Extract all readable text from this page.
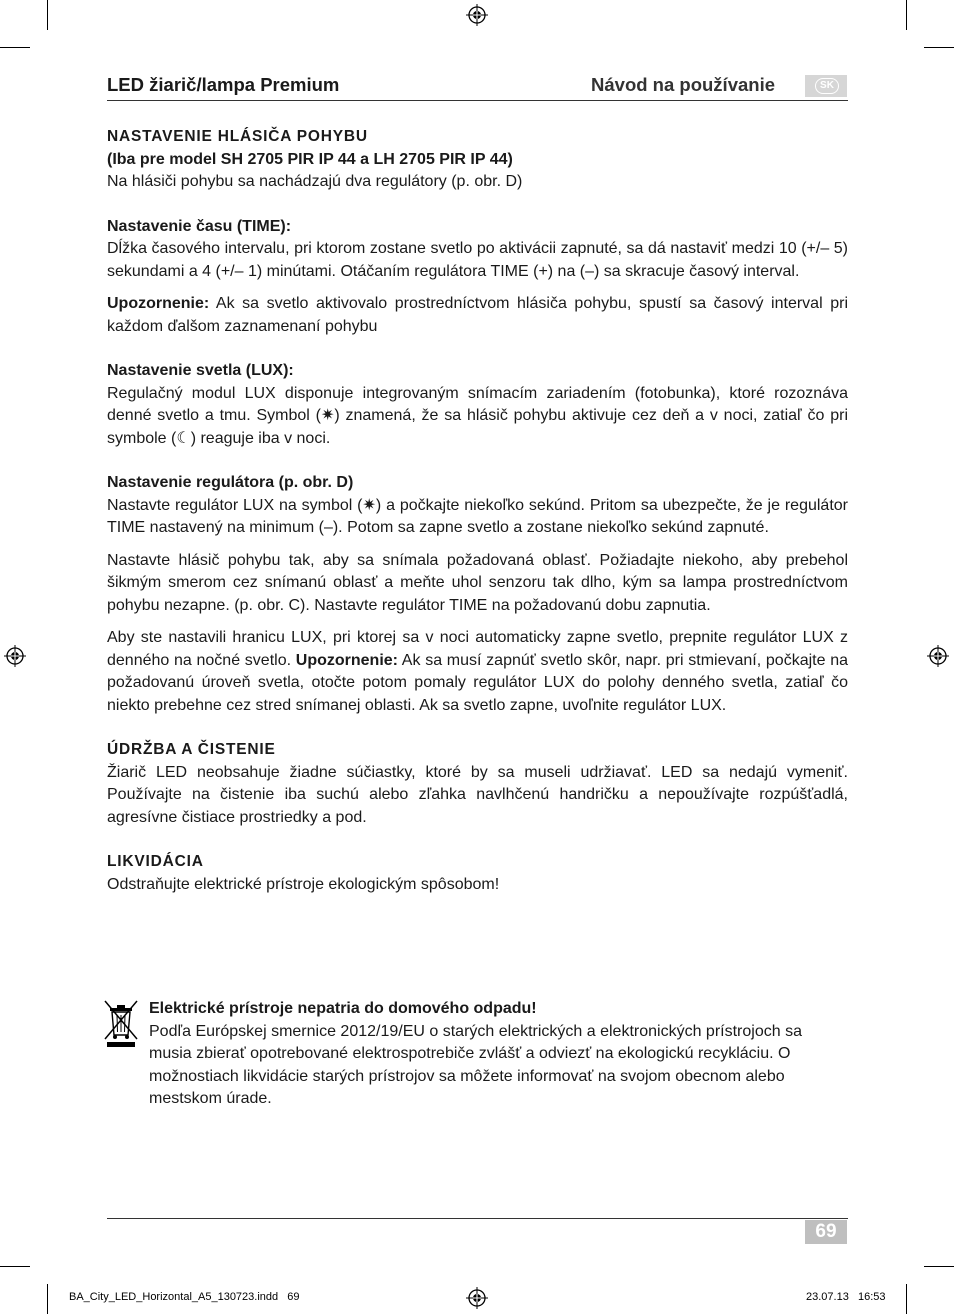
LED žiarič/lampa Premium	Návod na používanie	SK

NASTAVENIE HLÁSIČA POHYBU

(Iba pre model SH 2705 PIR IP 44 a LH 2705 PIR IP 44)

Na hlásiči pohybu sa nachádzajú dva regulátory (p. obr. D)

Nastavenie času (TIME):

Dĺžka časového intervalu, pri ktorom zostane svetlo po aktivácii zapnuté, sa dá nastaviť medzi 10 (+/– 5) sekundami a 4 (+/– 1) minútami. Otáčaním regulátora TIME (+) na (–) sa skracuje časový interval.

Upozornenie: Ak sa svetlo aktivovalo prostredníctvom hlásiča pohybu, spustí sa časový interval pri každom ďalšom zaznamenaní pohybu

Nastavenie svetla (LUX):

Regulačný modul LUX disponuje integrovaným snímacím zariadením (fotobunka), ktoré rozoznáva denné svetlo a tmu. Symbol (✷) znamená, že sa hlásič pohybu aktivuje cez deň a v noci, zatiaľ čo pri symbole (☾) reaguje iba v noci.

Nastavenie regulátora (p. obr. D)

Nastavte regulátor LUX na symbol (✷) a počkajte niekoľko sekúnd. Pritom sa ubezpečte, že je regulátor TIME nastavený na minimum (–). Potom sa zapne svetlo a zostane niekoľko sekúnd zapnuté.

Nastavte hlásič pohybu tak, aby sa snímala požadovaná oblasť. Požiadajte niekoho, aby prebehol šikmým smerom cez snímanú oblasť a meňte uhol senzoru tak dlho, kým sa lampa prostredníctvom pohybu nezapne. (p. obr. C). Nastavte regulátor TIME na požadovanú dobu zapnutia.

Aby ste nastavili hranicu LUX, pri ktorej sa v noci automaticky zapne svetlo, prepnite regulátor LUX z denného na nočné svetlo. Upozornenie: Ak sa musí zapnúť svetlo skôr, napr. pri stmievaní, počkajte na požadovanú úroveň svetla, otočte potom pomaly regulátor LUX do polohy denného svetla, zatiaľ čo niekto prebehne cez stred snímanej oblasti. Ak sa svetlo zapne, uvoľnite regulátor LUX.

ÚDRŽBA A ČISTENIE

Žiarič LED neobsahuje žiadne súčiastky, ktoré by sa museli udržiavať. LED sa nedajú vymeniť. Používajte na čistenie iba suchú alebo zľahka navlhčenú handričku a nepoužívajte rozpúšťadlá, agresívne čistiace prostriedky a pod.

LIKVIDÁCIA

Odstraňujte elektrické prístroje ekologickým spôsobom!

Elektrické prístroje nepatria do domového odpadu!

Podľa Európskej smernice 2012/19/EU o starých elektrických a elektronických prístrojoch sa musia zbierať opotrebované elektrospotrebiče zvlášť a odviezť na ekologickú recykláciu. O možnostiach likvidácie starých prístrojov sa môžete informovať na svojom obecnom alebo mestskom úrade.

69
BA_City_LED_Horizontal_A5_130723.indd   69	23.07.13   16:53
